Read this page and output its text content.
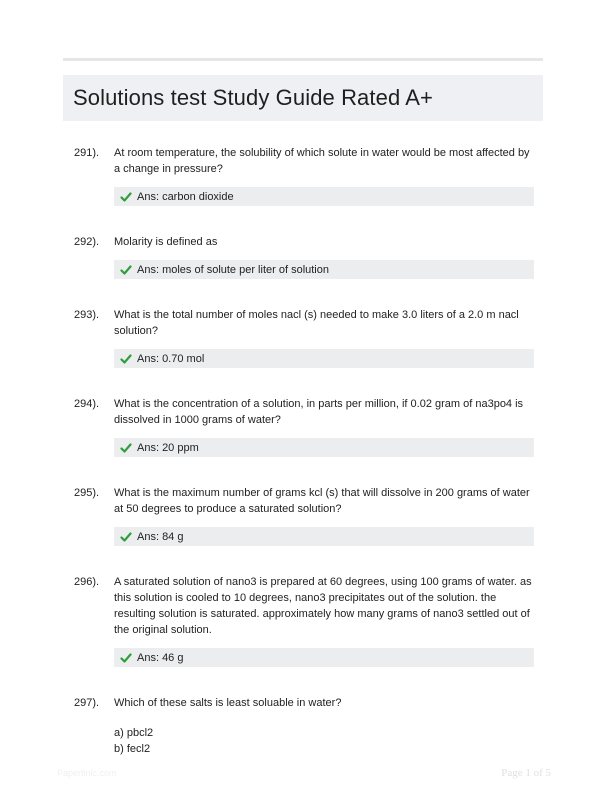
Solutions test Study Guide Rated A+
291). At room temperature, the solubility of which solute in water would be most affected by a change in pressure?
Ans: carbon dioxide
292). Molarity is defined as
Ans: moles of solute per liter of solution
293). What is the total number of moles nacl (s) needed to make 3.0 liters of a 2.0 m nacl solution?
Ans: 0.70 mol
294). What is the concentration of a solution, in parts per million, if 0.02 gram of na3po4 is dissolved in 1000 grams of water?
Ans: 20 ppm
295). What is the maximum number of grams kcl (s) that will dissolve in 200 grams of water at 50 degrees to produce a saturated solution?
Ans: 84 g
296). A saturated solution of nano3 is prepared at 60 degrees, using 100 grams of water. as this solution is cooled to 10 degrees, nano3 precipitates out of the solution. the resulting solution is saturated. approximately how many grams of nano3 settled out of the original solution.
Ans: 46 g
297). Which of these salts is least soluable in water?
a) pbcl2
b) fecl2
Paperfinic.com	Page 1 of 5
